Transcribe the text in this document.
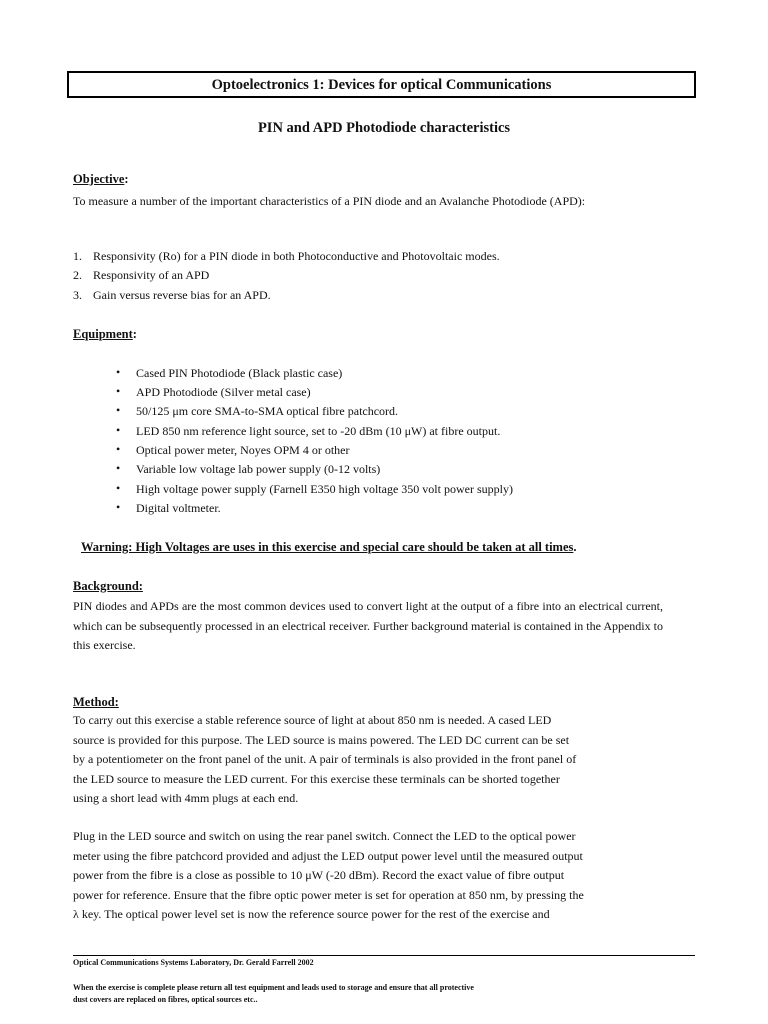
Optoelectronics 1: Devices for optical Communications
PIN and APD Photodiode characteristics
Objective:
To measure a number of the important characteristics of a PIN diode and an Avalanche Photodiode (APD):
1. Responsivity (Ro) for a PIN diode in both Photoconductive and Photovoltaic modes.
2. Responsivity of an APD
3. Gain versus reverse bias for an APD.
Equipment:
• Cased PIN Photodiode (Black plastic case)
• APD Photodiode (Silver metal case)
• 50/125 μm core SMA-to-SMA optical fibre patchcord.
• LED 850 nm reference light source, set to -20 dBm (10 μW) at fibre output.
• Optical power meter, Noyes OPM 4 or other
• Variable low voltage lab power supply (0-12 volts)
• High voltage power supply (Farnell E350 high voltage 350 volt power supply)
• Digital voltmeter.
Warning: High Voltages are uses in this exercise and special care should be taken at all times.
Background:
PIN diodes and APDs are the most common devices used to convert light at the output of a fibre into an electrical current, which can be subsequently processed in an electrical receiver. Further background material is contained in the Appendix to this exercise.
Method:
To carry out this exercise a stable reference source of light at about 850 nm is needed. A cased LED
source is provided for this purpose. The LED source is mains powered. The LED DC current can be set
by a potentiometer on the front panel of the unit. A pair of terminals is also provided in the front panel of
the LED source to measure the LED current. For this exercise these terminals can be shorted together
using a short lead with 4mm plugs at each end.
Plug in the LED source and switch on using the rear panel switch. Connect the LED to the optical power
meter using the fibre patchcord provided and adjust the LED output power level until the measured output
power from the fibre is a close as possible to 10 μW (-20 dBm). Record the exact value of fibre output
power for reference. Ensure that the fibre optic power meter is set for operation at 850 nm, by pressing the
λ key. The optical power level set is now the reference source power for the rest of the exercise and
Optical Communications Systems Laboratory, Dr. Gerald Farrell 2002
When the exercise is complete please return all test equipment and leads used to storage and ensure that all protective
dust covers are replaced on fibres, optical sources etc..
